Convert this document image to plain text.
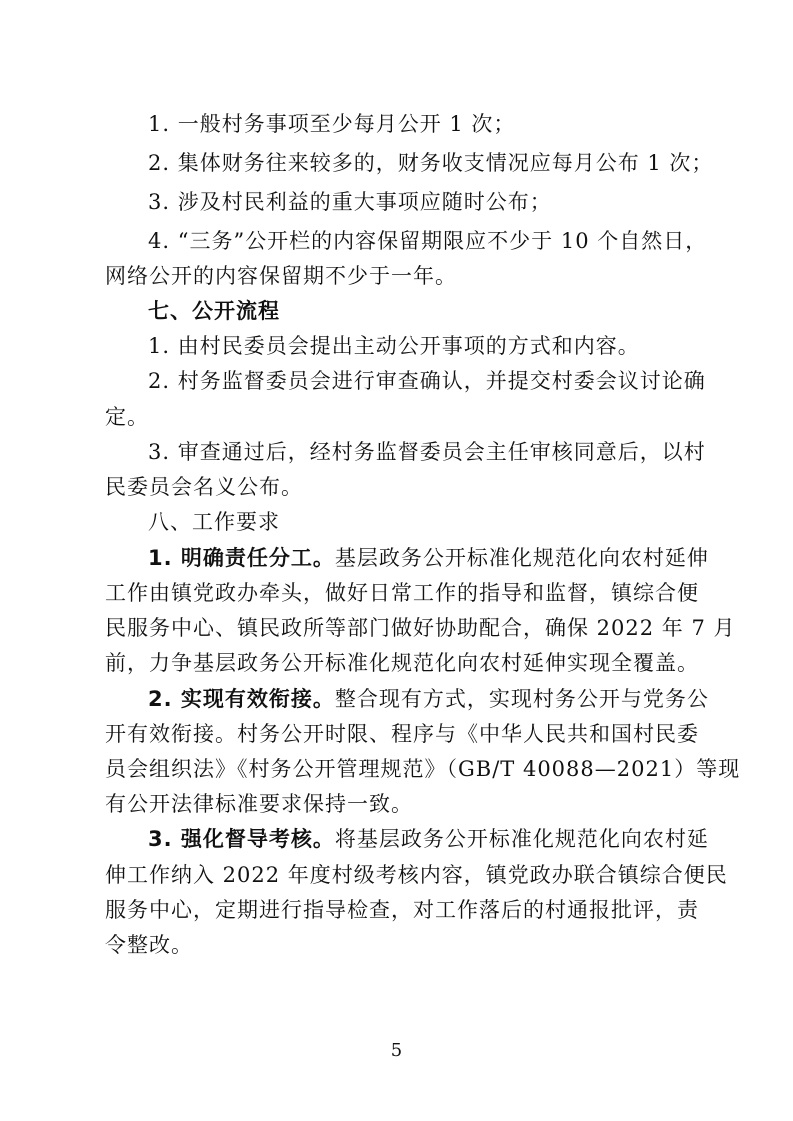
1. 一般村务事项至少每月公开 1 次；
2. 集体财务往来较多的，财务收支情况应每月公布 1 次；
3. 涉及村民利益的重大事项应随时公布；
4. “三务”公开栏的内容保留期限应不少于 10 个自然日，
网络公开的内容保留期不少于一年。
七、公开流程
1. 由村民委员会提出主动公开事项的方式和内容。
2. 村务监督委员会进行审查确认，并提交村委会议讨论确
定。
3. 审查通过后，经村务监督委员会主任审核同意后，以村
民委员会名义公布。
八、工作要求
1. 明确责任分工。基层政务公开标准化规范化向农村延伸
工作由镇党政办牵头，做好日常工作的指导和监督，镇综合便
民服务中心、镇民政所等部门做好协助配合，确保 2022 年 7 月
前，力争基层政务公开标准化规范化向农村延伸实现全覆盖。
2. 实现有效衔接。整合现有方式，实现村务公开与党务公
开有效衔接。村务公开时限、程序与《中华人民共和国村民委
员会组织法》《村务公开管理规范》（GB/T 40088—2021）等现
有公开法律标准要求保持一致。
3. 强化督导考核。将基层政务公开标准化规范化向农村延
伸工作纳入 2022 年度村级考核内容，镇党政办联合镇综合便民
服务中心，定期进行指导检查，对工作落后的村通报批评，责
令整改。
5
